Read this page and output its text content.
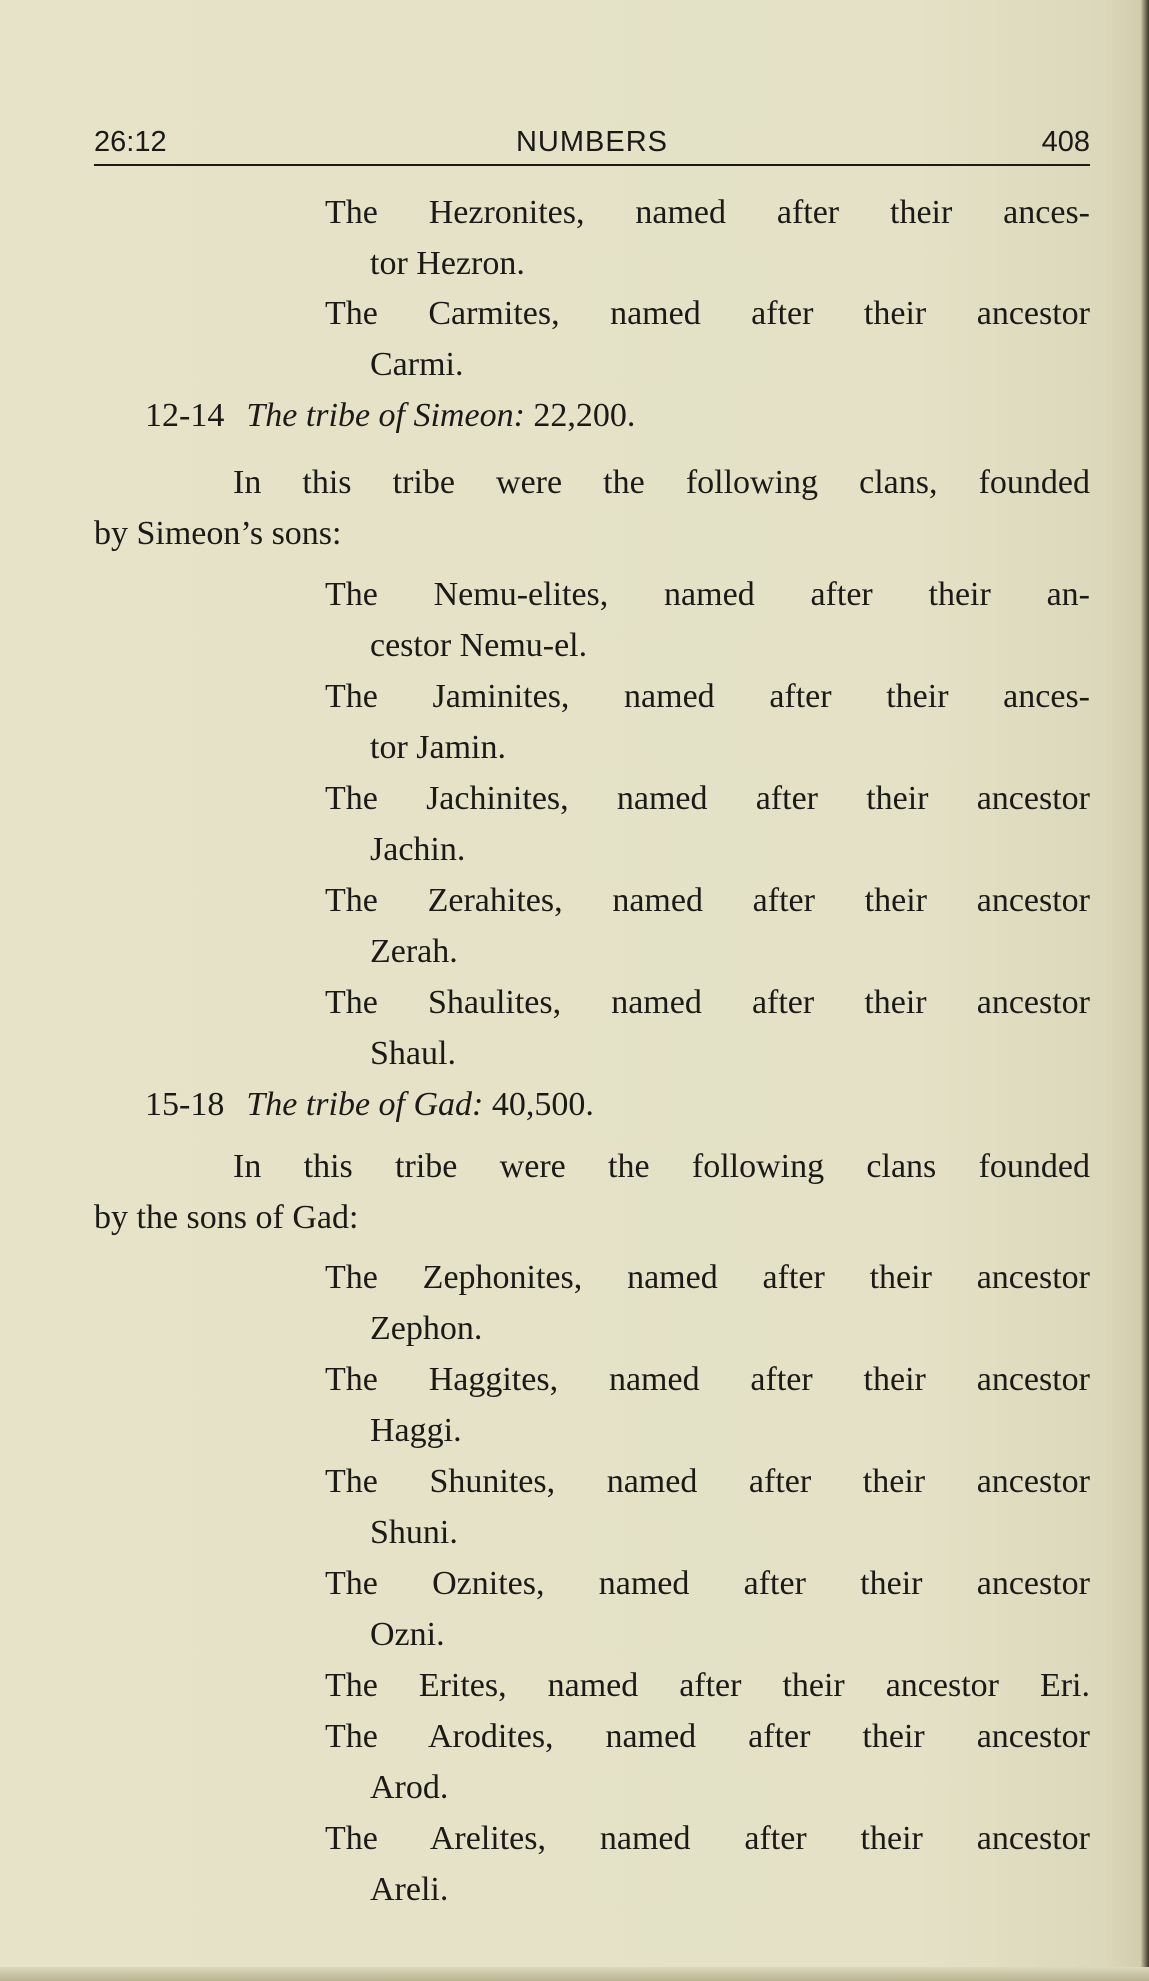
26:12	NUMBERS	408
The Hezronites, named after their ances-
tor Hezron.
The Carmites, named after their ancestor
Carmi.
12-14 The tribe of Simeon: 22,200.
In this tribe were the following clans, founded
by Simeon’s sons:
The Nemu-elites, named after their an-
cestor Nemu-el.
The Jaminites, named after their ances-
tor Jamin.
The Jachinites, named after their ancestor
Jachin.
The Zerahites, named after their ancestor
Zerah.
The Shaulites, named after their ancestor
Shaul.
15-18 The tribe of Gad: 40,500.
In this tribe were the following clans founded
by the sons of Gad:
The Zephonites, named after their ancestor
Zephon.
The Haggites, named after their ancestor
Haggi.
The Shunites, named after their ancestor
Shuni.
The Oznites, named after their ancestor
Ozni.
The Erites, named after their ancestor Eri.
The Arodites, named after their ancestor
Arod.
The Arelites, named after their ancestor
Areli.
